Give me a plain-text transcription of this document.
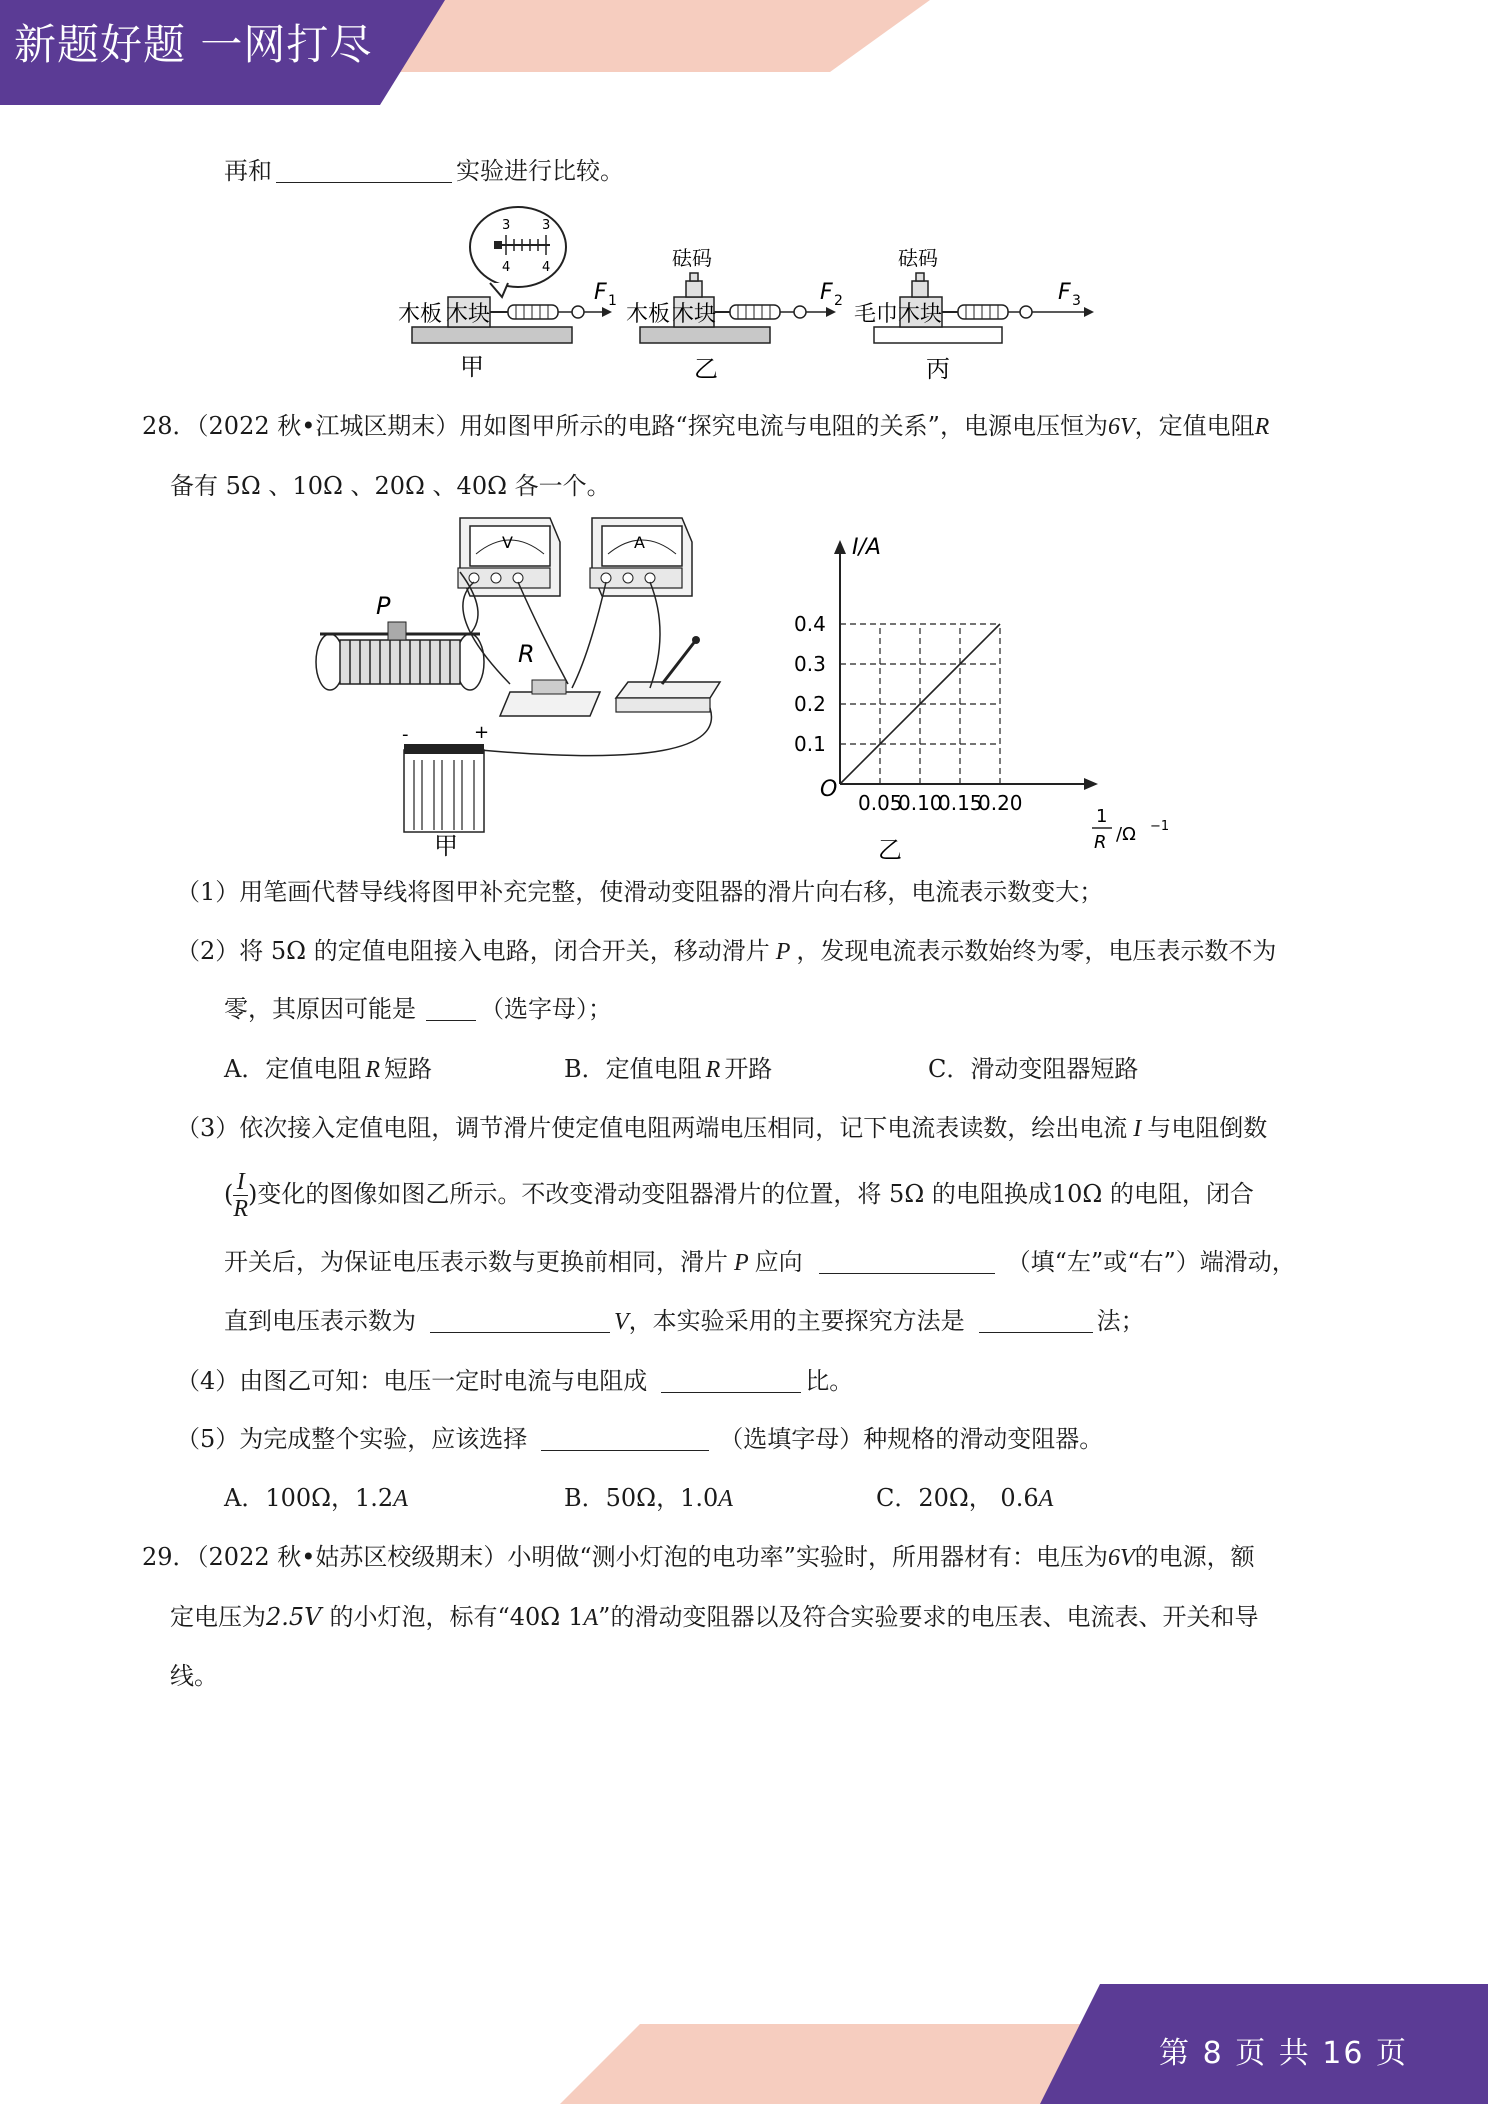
新题好题 一网打尽
再和	实验进行比较。
3 3
4 4
木板 木块
F 1
甲
砝码
木板 木块
F 2
乙
砝码
毛巾 木块
F 3
丙
28．（2022 秋•江城区期末）用如图甲所示的电路“探究电流与电阻的关系”，电源电压恒为6V，定值电阻R
备有 5Ω 、10Ω 、20Ω 、40Ω 各一个。
V	A
P
R
-	+
甲
I/A
O
1
R /Ω −1
乙
0.05
0.10
0.15
0.20
0.1
0.2
0.3
0.4
（1）用笔画代替导线将图甲补充完整，使滑动变阻器的滑片向右移，电流表示数变大；
（2）将 5Ω 的定值电阻接入电路，闭合开关，移动滑片 P ，发现电流表示数始终为零，电压表示数不为
零，其原因可能是	（选字母）；
A．定值电阻 R 短路	B．定值电阻 R 开路	C．滑动变阻器短路
（3）依次接入定值电阻，调节滑片使定值电阻两端电压相同，记下电流表读数，绘出电流 I 与电阻倒数
( $\frac{I}{R}$ )变化的图像如图乙所示。不改变滑动变阻器滑片的位置，将 5Ω 的电阻换成10Ω 的电阻，闭合
开关后，为保证电压表示数与更换前相同，滑片 P 应向	（填“左”或“右”）端滑动，
直到电压表示数为	V，本实验采用的主要探究方法是	法；
（4）由图乙可知：电压一定时电流与电阻成	比。
（5）为完成整个实验，应该选择	（选填字母）种规格的滑动变阻器。
A．100Ω，1.2A	B．50Ω，1.0A	C．20Ω， 0.6A
29．（2022 秋•姑苏区校级期末）小明做“测小灯泡的电功率”实验时，所用器材有：电压为6V的电源，额
定电压为2.5V 的小灯泡，标有“40Ω 1A”的滑动变阻器以及符合实验要求的电压表、电流表、开关和导
线。
第 8 页 共 16 页
